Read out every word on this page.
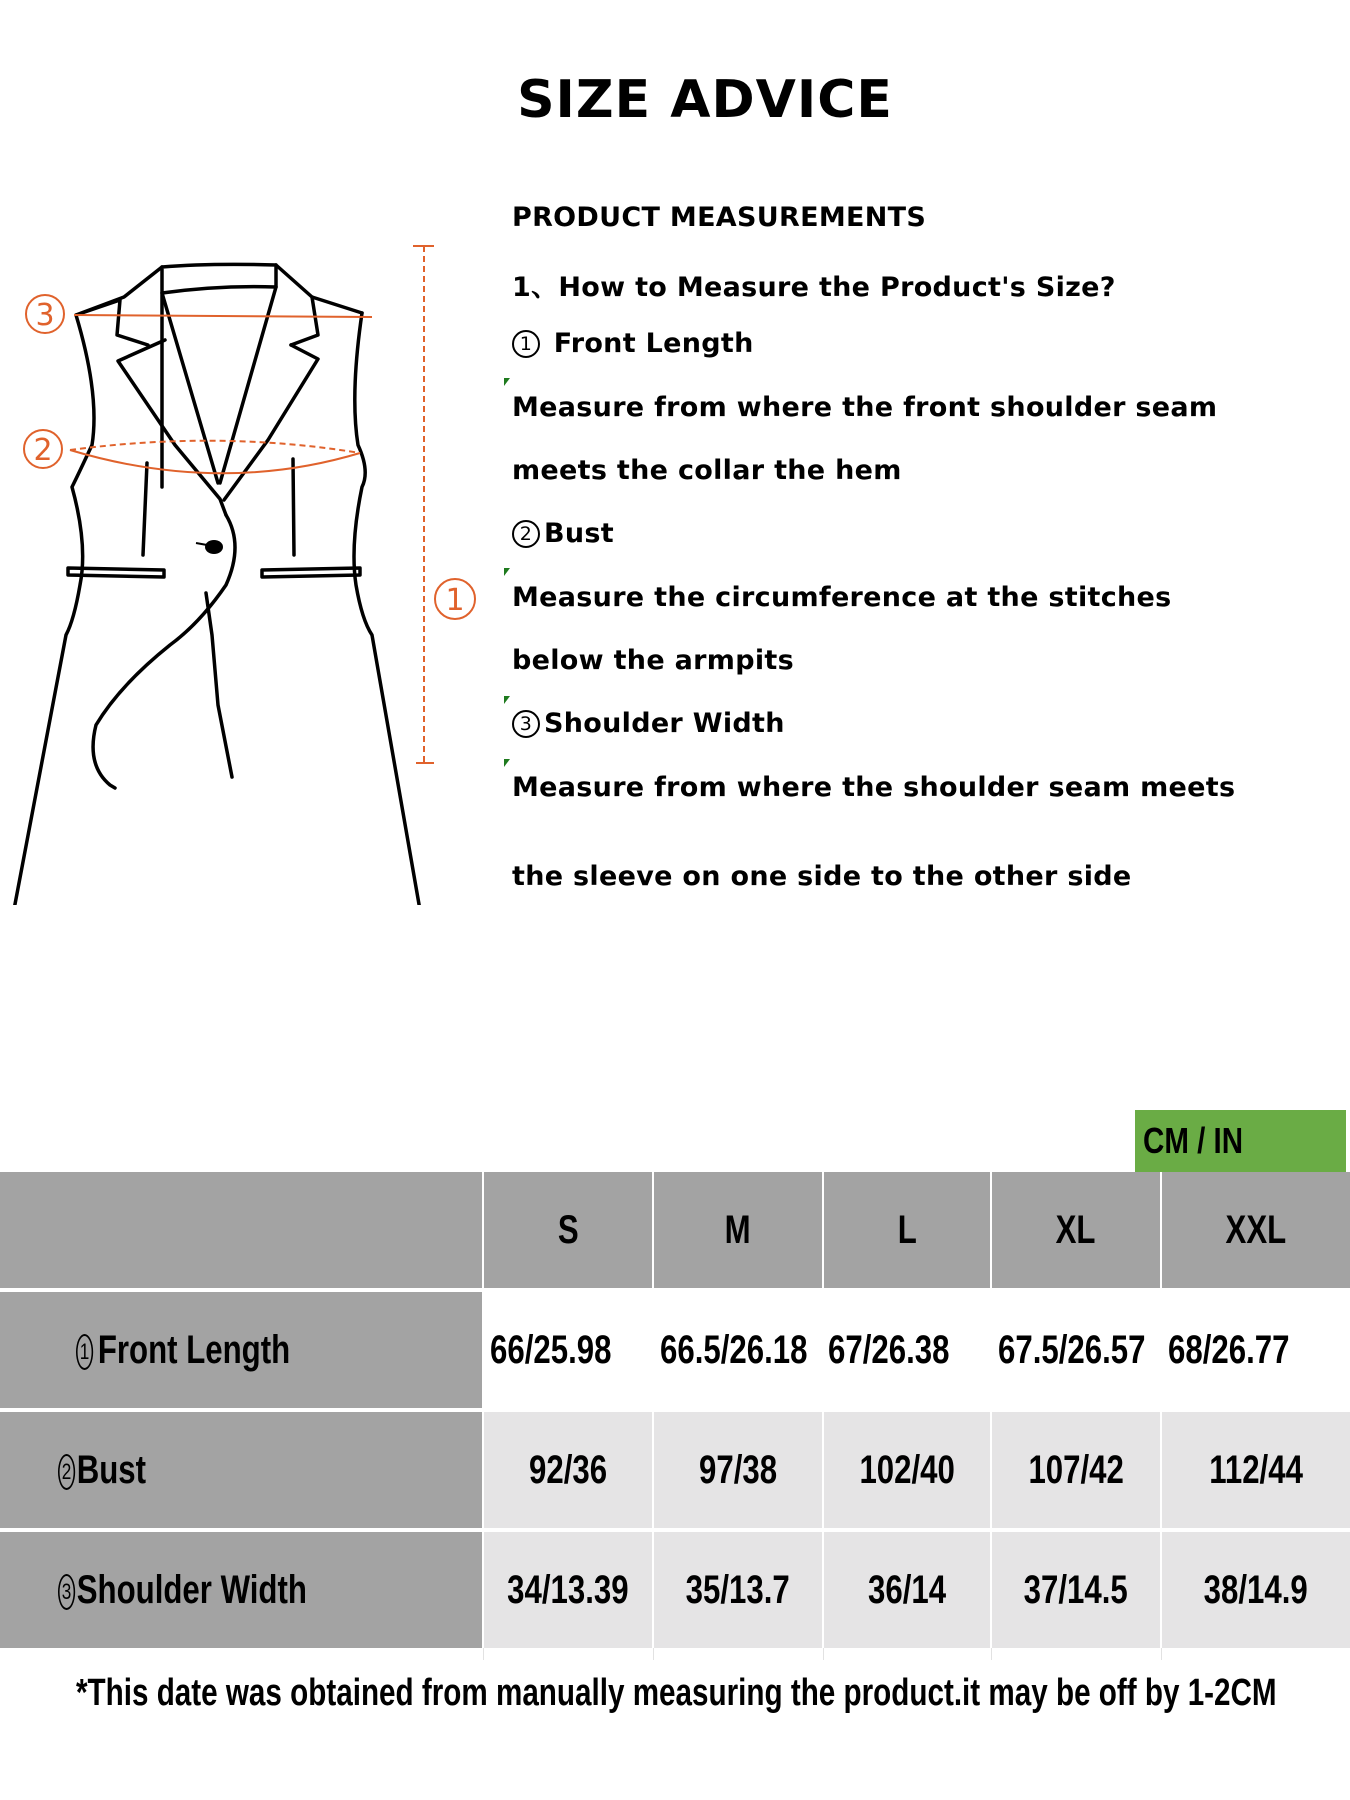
SIZE ADVICE
3
2
1
PRODUCT MEASUREMENTS
1、How to Measure the Product's Size?
1 Front Length
Measure from where the front shoulder seam
meets the collar the hem
2 Bust
Measure the circumference at the stitches
below the armpits
3 Shoulder Width
Measure from where the shoulder seam meets
the sleeve on one side to the other side
CM / IN
S	M	L	XL	XXL
1 Front Length	66/25.98 66.5/26.18 67/26.38 67.5/26.57 68/26.77
2 Bust	92/36 97/38 102/40 107/42 112/44
3 Shoulder Width	34/13.39 35/13.7 36/14 37/14.5 38/14.9
*This date was obtained from manually measuring the product.it may be off by 1-2CM
